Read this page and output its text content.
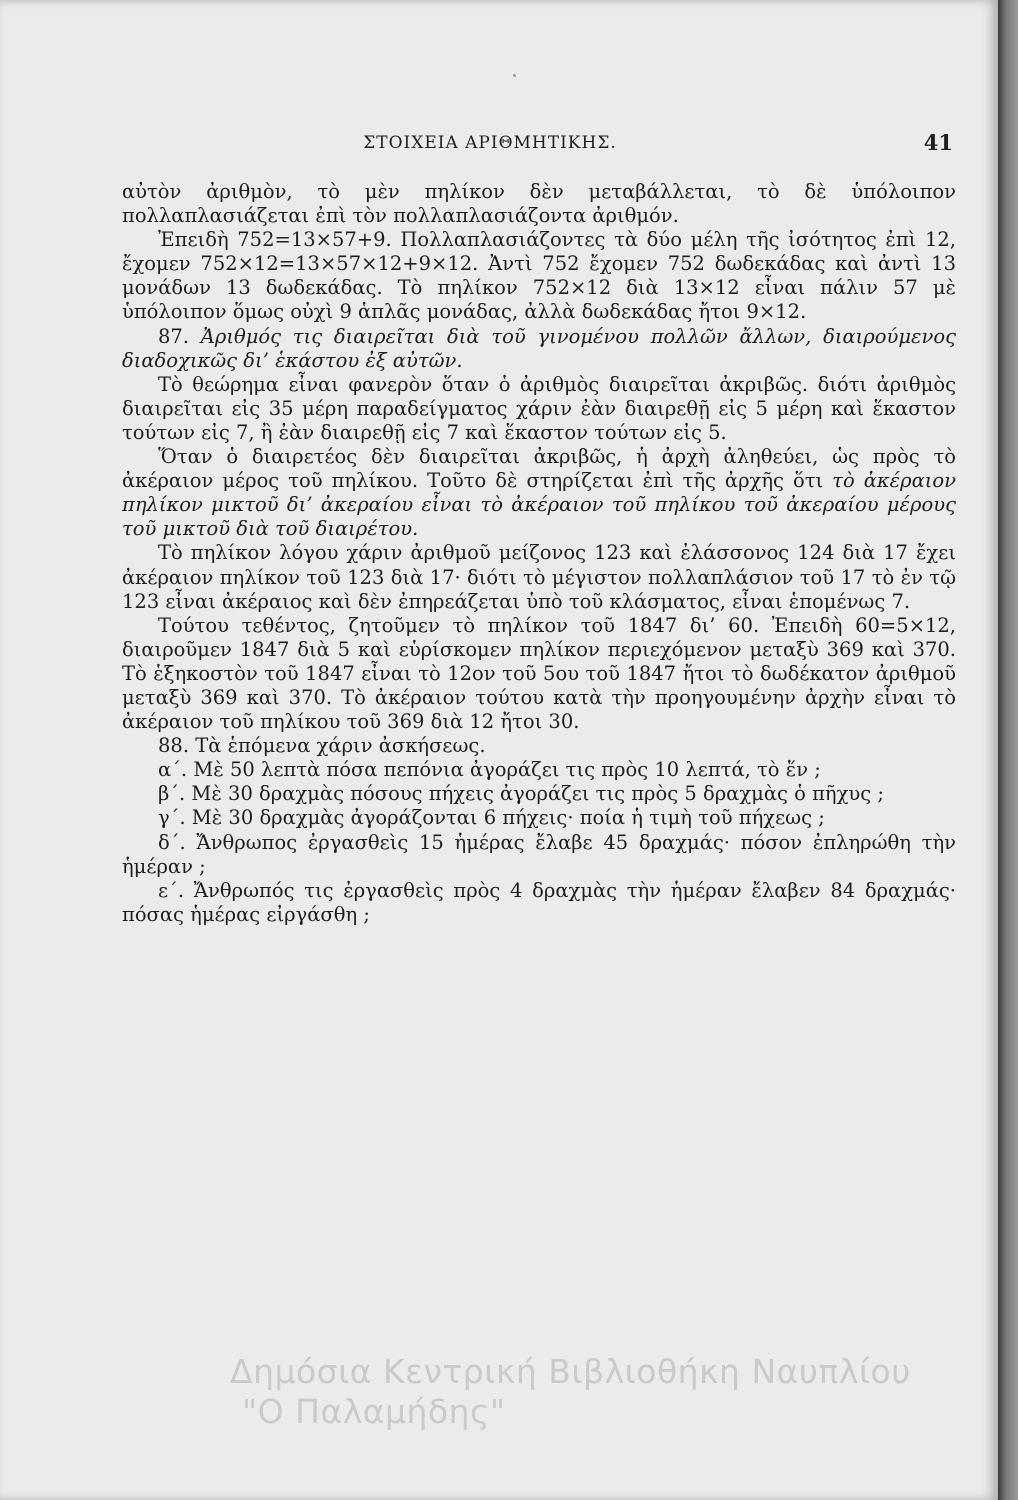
ΣΤΟΙΧΕΙΑ ΑΡΙΘΜΗΤΙΚΗΣ.	41

αὐτὸν ἀριθμὸν, τὸ μὲν πηλίκον δὲν μεταβάλλεται, τὸ δὲ ὑπόλοιπον πολλαπλασιάζεται ἐπὶ τὸν πολλαπλασιάζοντα ἀριθμόν.

Ἐπειδὴ 752=13×57+9. Πολλαπλασιάζοντες τὰ δύο μέλη τῆς ἰσότητος ἐπὶ 12, ἔχομεν 752×12=13×57×12+9×12. Ἀντὶ 752 ἔχομεν 752 δωδεκάδας καὶ ἀντὶ 13 μονάδων 13 δωδεκάδας. Τὸ πηλίκον 752×12 διὰ 13×12 εἶναι πάλιν 57 μὲ ὑπόλοιπον ὅμως οὐχὶ 9 ἁπλᾶς μονάδας, ἀλλὰ δωδεκάδας ἤτοι 9×12.

87. Ἀριθμός τις διαιρεῖται διὰ τοῦ γινομένου πολλῶν ἄλλων, διαιρούμενος διαδοχικῶς δι’ ἑκάστου ἐξ αὐτῶν.

Τὸ θεώρημα εἶναι φανερὸν ὅταν ὁ ἀριθμὸς διαιρεῖται ἀκριβῶς. διότι ἀριθμὸς διαιρεῖται εἰς 35 μέρη παραδείγματος χάριν ἐὰν διαιρεθῇ εἰς 5 μέρη καὶ ἕκαστον τούτων εἰς 7, ἢ ἐὰν διαιρεθῇ εἰς 7 καὶ ἕκαστον τούτων εἰς 5.

Ὅταν ὁ διαιρετέος δὲν διαιρεῖται ἀκριβῶς, ἡ ἀρχὴ ἀληθεύει, ὡς πρὸς τὸ ἀκέραιον μέρος τοῦ πηλίκου. Τοῦτο δὲ στηρίζεται ἐπὶ τῆς ἀρχῆς ὅτι τὸ ἀκέραιον πηλίκον μικτοῦ δι’ ἀκεραίου εἶναι τὸ ἀκέραιον τοῦ πηλίκου τοῦ ἀκεραίου μέρους τοῦ μικτοῦ διὰ τοῦ διαιρέτου.

Τὸ πηλίκον λόγου χάριν ἀριθμοῦ μείζονος 123 καὶ ἐλάσσονος 124 διὰ 17 ἔχει ἀκέραιον πηλίκον τοῦ 123 διὰ 17· διότι τὸ μέγιστον πολλαπλάσιον τοῦ 17 τὸ ἐν τῷ 123 εἶναι ἀκέραιος καὶ δὲν ἐπηρεάζεται ὑπὸ τοῦ κλάσματος, εἶναι ἑπομένως 7.

Τούτου τεθέντος, ζητοῦμεν τὸ πηλίκον τοῦ 1847 δι’ 60. Ἐπειδὴ 60=5×12, διαιροῦμεν 1847 διὰ 5 καὶ εὑρίσκομεν πηλίκον περιεχόμενον μεταξὺ 369 καὶ 370. Τὸ ἑξηκοστὸν τοῦ 1847 εἶναι τὸ 12ον τοῦ 5ου τοῦ 1847 ἤτοι τὸ δωδέκατον ἀριθμοῦ μεταξὺ 369 καὶ 370. Τὸ ἀκέραιον τούτου κατὰ τὴν προηγουμένην ἀρχὴν εἶναι τὸ ἀκέραιον τοῦ πηλίκου τοῦ 369 διὰ 12 ἤτοι 30.

88. Τὰ ἑπόμενα χάριν ἀσκήσεως.

α΄. Μὲ 50 λεπτὰ πόσα πεπόνια ἀγοράζει τις πρὸς 10 λεπτά, τὸ ἕν ;

β΄. Μὲ 30 δραχμὰς πόσους πήχεις ἀγοράζει τις πρὸς 5 δραχμὰς ὁ πῆχυς ;

γ΄. Μὲ 30 δραχμὰς ἀγοράζονται 6 πήχεις· ποία ἡ τιμὴ τοῦ πήχεως ;

δ΄. Ἄνθρωπος ἐργασθεὶς 15 ἡμέρας ἔλαβε 45 δραχμάς· πόσον ἐπληρώθη τὴν ἡμέραν ;

ε΄. Ἄνθρωπός τις ἐργασθεὶς πρὸς 4 δραχμὰς τὴν ἡμέραν ἔλαβεν 84 δραχμάς· πόσας ἡμέρας εἰργάσθη ;

Δημόσια Κεντρική Βιβλιοθήκη Ναυπλίου
"Ο Παλαμήδης"
